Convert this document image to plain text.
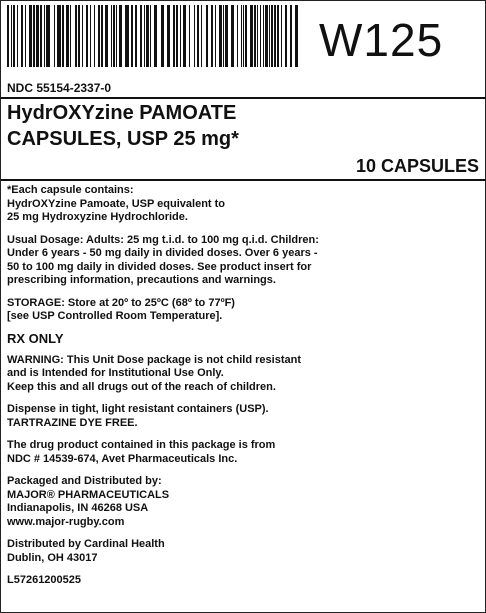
W125
NDC 55154-2337-0
HydrOXYzine PAMOATE
CAPSULES, USP 25 mg*
10 CAPSULES
*Each capsule contains:
HydrOXYzine Pamoate, USP equivalent to
25 mg Hydroxyzine Hydrochloride.
Usual Dosage: Adults: 25 mg t.i.d. to 100 mg q.i.d. Children:
Under 6 years - 50 mg daily in divided doses. Over 6 years -
50 to 100 mg daily in divided doses. See product insert for
prescribing information, precautions and warnings.
STORAGE: Store at 20º to 25ºC (68º to 77ºF)
[see USP Controlled Room Temperature].
RX ONLY
WARNING: This Unit Dose package is not child resistant
and is Intended for Institutional Use Only.
Keep this and all drugs out of the reach of children.
Dispense in tight, light resistant containers (USP).
TARTRAZINE DYE FREE.
The drug product contained in this package is from
NDC # 14539-674, Avet Pharmaceuticals Inc.
Packaged and Distributed by:
MAJOR® PHARMACEUTICALS
Indianapolis, IN 46268 USA
www.major-rugby.com
Distributed by Cardinal Health
Dublin, OH 43017
L57261200525
